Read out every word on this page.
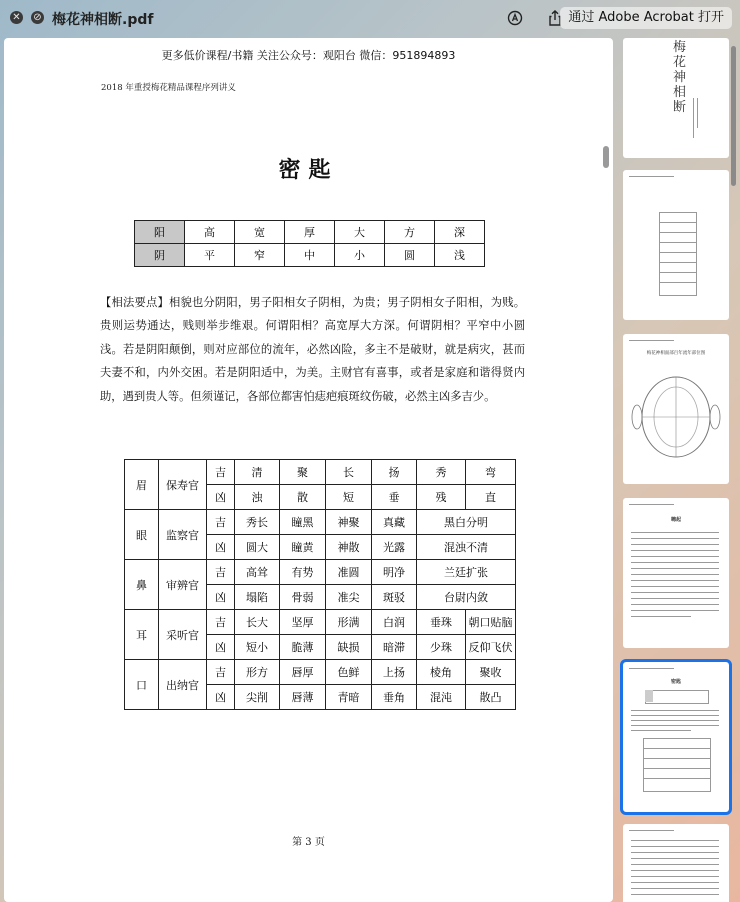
✕ ⊘ 梅花神相断.pdf	通过 Adobe Acrobat 打开
更多低价课程/书籍 关注公众号：观阳台 微信：951894893
2018 年重授梅花精品课程序列讲义
密匙
阳	高	宽	厚	大	方	深
阴	平	窄	中	小	圆	浅
【相法要点】相貌也分阴阳，男子阳相女子阴相，为贵；男子阴相女子阳相，为贱。贵则运势通达，贱则举步维艰。何谓阳相？高宽厚大方深。何谓阴相？平窄中小圆浅。若是阴阳颠倒，则对应部位的流年，必然凶险，多主不是破财，就是病灾，甚而夫妻不和，内外交困。若是阴阳适中，为美。主财官有喜事，或者是家庭和谐得贤内助，遇到贵人等。但须谨记，各部位都害怕痣疤痕斑纹伤破，必然主凶多吉少。
眉	保寿官	吉	清	聚	长	扬	秀	弯
		凶	浊	散	短	垂	残	直
眼	监察官	吉	秀长	瞳黑	神聚	真藏	黑白分明	
		凶	圆大	瞳黄	神散	光露	混浊不清	
鼻	审辨官	吉	高耸	有势	准圆	明净	兰廷扩张	
		凶	塌陷	骨弱	准尖	斑驳	台尉内敛	
耳	采听官	吉	长大	坚厚	形满	白润	垂珠	朝口贴脑
		凶	短小	脆薄	缺损	暗滞	少珠	反仰飞伏
口	出纳官	吉	形方	唇厚	色鲜	上扬	棱角	聚收
		凶	尖削	唇薄	青暗	垂角	混沌	散凸
第 3 页
梅花神相断
梅花神相面部百年流年部位图
嗨起
密匙
